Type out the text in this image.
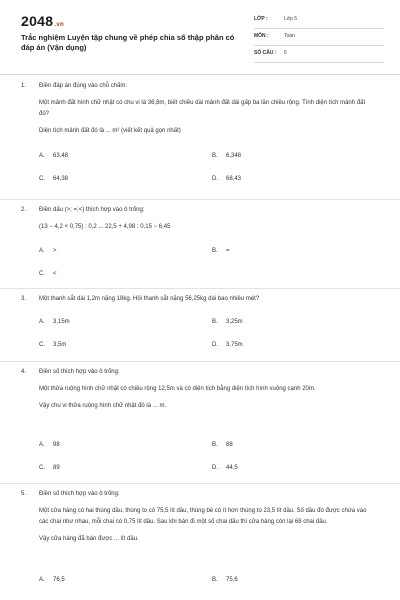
2048.vn
Trắc nghiệm Luyện tập chung về phép chia số thập phân có đáp án (Vận dụng)
LỚP :	Lớp 5
MÔN :	Toán
SỐ CÂU : 5
1. Điền đáp án đúng vào chỗ chấm:

Một mảnh đất hình chữ nhật có chu vi là 36,8m, biết chiều dài mảnh đất dài gấp ba lần chiều rộng. Tính diện tích mảnh đất đó?

Diện tích mảnh đất đó là ... m² (viết kết quả gọn nhất)

A. 63,48	B. 6,348
C. 64,38	D. 68,43
2. Điền dấu (>; =;<) thích hợp vào ô trống:

(13 − 4,2 × 0,75) : 0,2 ... 22,5 + 4,98 : 0,15 − 6,45

A. >	B. =
C. <
3. Một thanh sắt dài 1,2m nặng 18kg. Hỏi thanh sắt nặng 56,25kg dài bao nhiêu mét?
A. 3,15m	B. 3,25m
C. 3,5m	D. 3,75m
4. Điền số thích hợp vào ô trống:

Một thửa ruộng hình chữ nhật có chiều rộng 12,5m và có diện tích bằng diện tích hình vuông cạnh 20m.

Vậy chu vi thửa ruộng hình chữ nhật đó là ... m.

A. 98	B. 88
C. 89	D. 44,5
5. Điền số thích hợp vào ô trống:

Một cửa hàng có hai thùng dầu, thùng to có 75,5 lít dầu, thùng bé có ít hơn thùng to 23,5 lít dầu. Số dầu đó được chứa vào các chai như nhau, mỗi chai có 0,75 lít dầu. Sau khi bán đi một số chai dầu thì cửa hàng còn lại 68 chai dầu.

Vậy cửa hàng đã bán được ... lít dầu.

A. 76,5	B. 75,6
